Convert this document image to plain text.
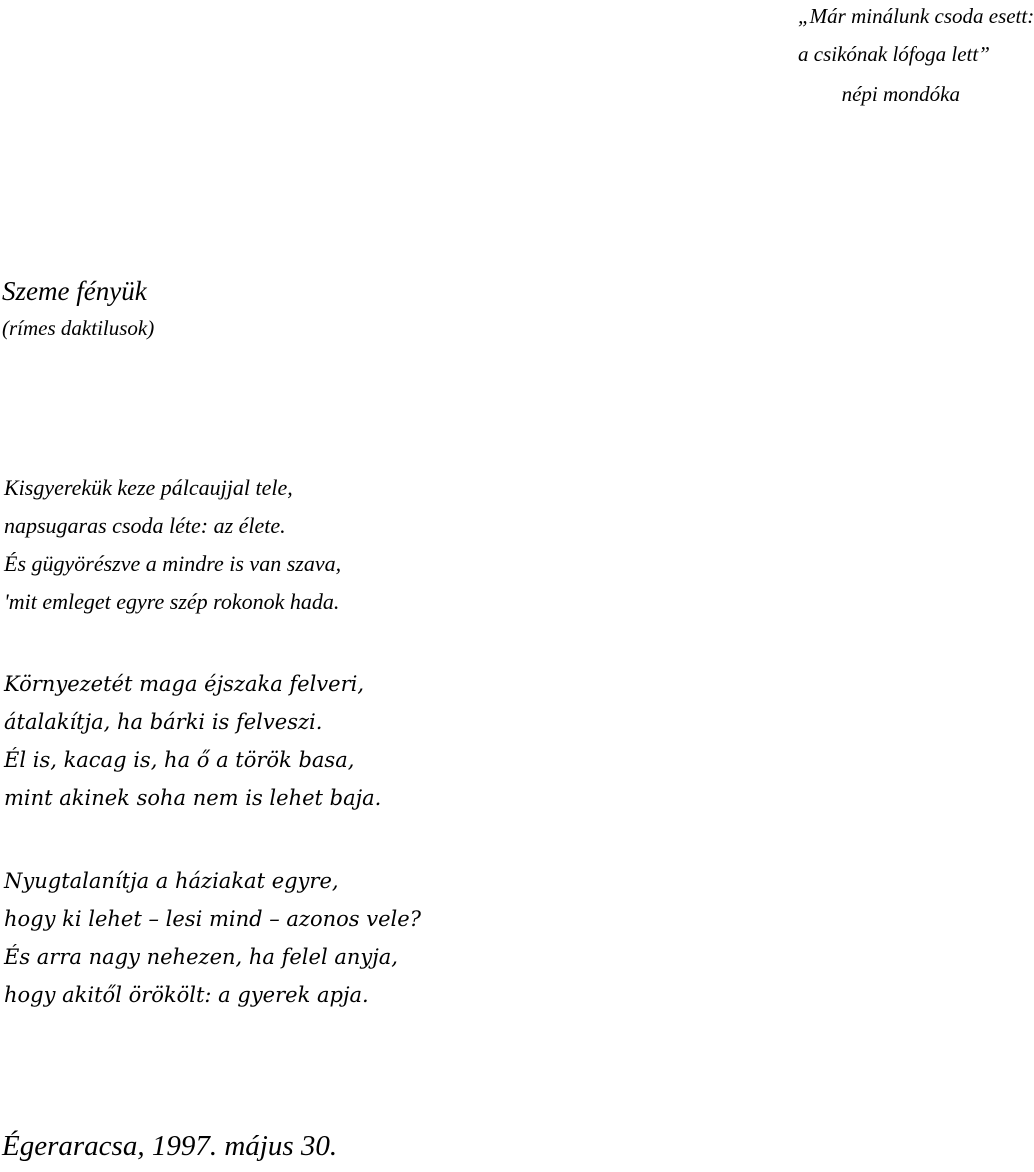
„Már minálunk csoda esett:
a csikónak lófoga lett”
népi mondóka
Szeme fényük
(rímes daktilusok)
Kisgyerekük keze pálcaujjal tele,
napsugaras csoda léte: az élete.
És gügyörészve a mindre is van szava,
'mit emleget egyre szép rokonok hada.
Környezetét maga éjszaka felveri,
átalakítja, ha bárki is felveszi.
Él is, kacag is, ha ő a török basa,
mint akinek soha nem is lehet baja.
Nyugtalanítja a háziakat egyre,
hogy ki lehet – lesi mind – azonos vele?
És arra nagy nehezen, ha felel anyja,
hogy akitől örökölt: a gyerek apja.
Égeraracsa, 1997. május 30.
